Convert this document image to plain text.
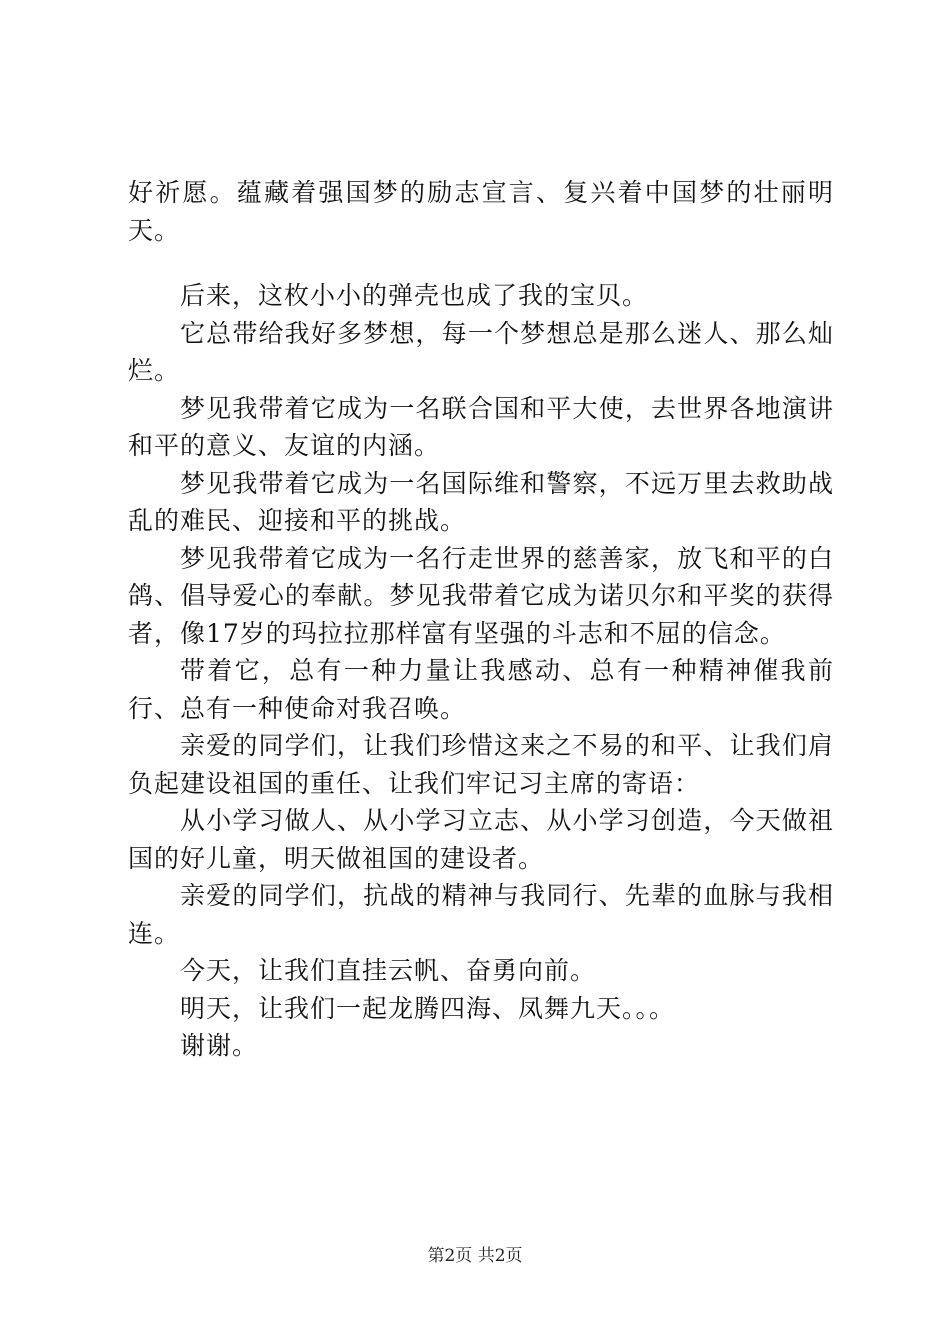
好祈愿。蕴藏着强国梦的励志宣言、复兴着中国梦的壮丽明天。

后来，这枚小小的弹壳也成了我的宝贝。

它总带给我好多梦想，每一个梦想总是那么迷人、那么灿烂。

梦见我带着它成为一名联合国和平大使，去世界各地演讲和平的意义、友谊的内涵。

梦见我带着它成为一名国际维和警察，不远万里去救助战乱的难民、迎接和平的挑战。

梦见我带着它成为一名行走世界的慈善家，放飞和平的白鸽、倡导爱心的奉献。梦见我带着它成为诺贝尔和平奖的获得者，像17岁的玛拉拉那样富有坚强的斗志和不屈的信念。

带着它，总有一种力量让我感动、总有一种精神催我前行、总有一种使命对我召唤。

亲爱的同学们，让我们珍惜这来之不易的和平、让我们肩负起建设祖国的重任、让我们牢记习主席的寄语：

从小学习做人、从小学习立志、从小学习创造，今天做祖国的好儿童，明天做祖国的建设者。

亲爱的同学们，抗战的精神与我同行、先辈的血脉与我相连。

今天，让我们直挂云帆、奋勇向前。

明天，让我们一起龙腾四海、凤舞九天。。。

谢谢。

第2页 共2页
